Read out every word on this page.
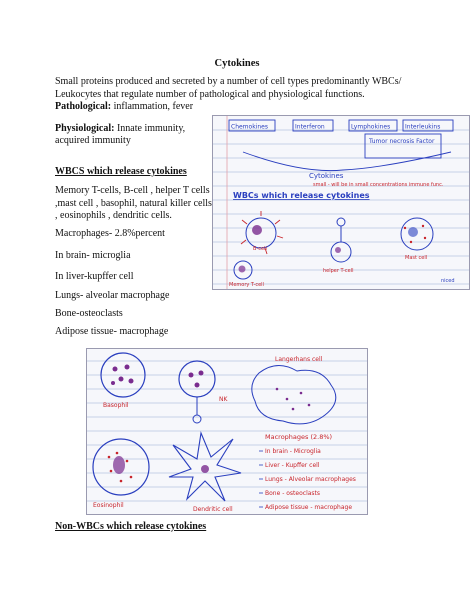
Cytokines
Small proteins produced and secreted by a number of cell types predominantly WBCs/ Leukocytes that regulate number of pathological and physiological functions.
Pathological: inflammation, fever
Physiological: Innate immunity,
acquired immunity
WBCS which release cytokines
Memory T-cells, B-cell , helper T cells
,mast cell , basophil, natural killer cells
, eosinophils , dendritic cells.
Macrophages- 2.8%percent
In brain- microglia
In liver-kupffer cell
Lungs- alveolar macrophage
Bone-osteoclasts
Adipose tissue- macrophage
Chemokines	Interferon	Lymphokines Interleukins
Tumor necrosis Factor
Cytokines
small - will be in small concentrations immune func.
WBCs which release cytokines
B-cell
helper T-cell
Mast cell
Memory T-cell
niced
Basophil
NK
Langerhans cell
Eosinophil
Dendritic cell
Macrophages (2.8%)
In brain - Microglia
Liver - Kupffer cell
Lungs - Alveolar macrophages
Bone - osteoclasts
Adipose tissue - macrophage
Non-WBCs which release cytokines
